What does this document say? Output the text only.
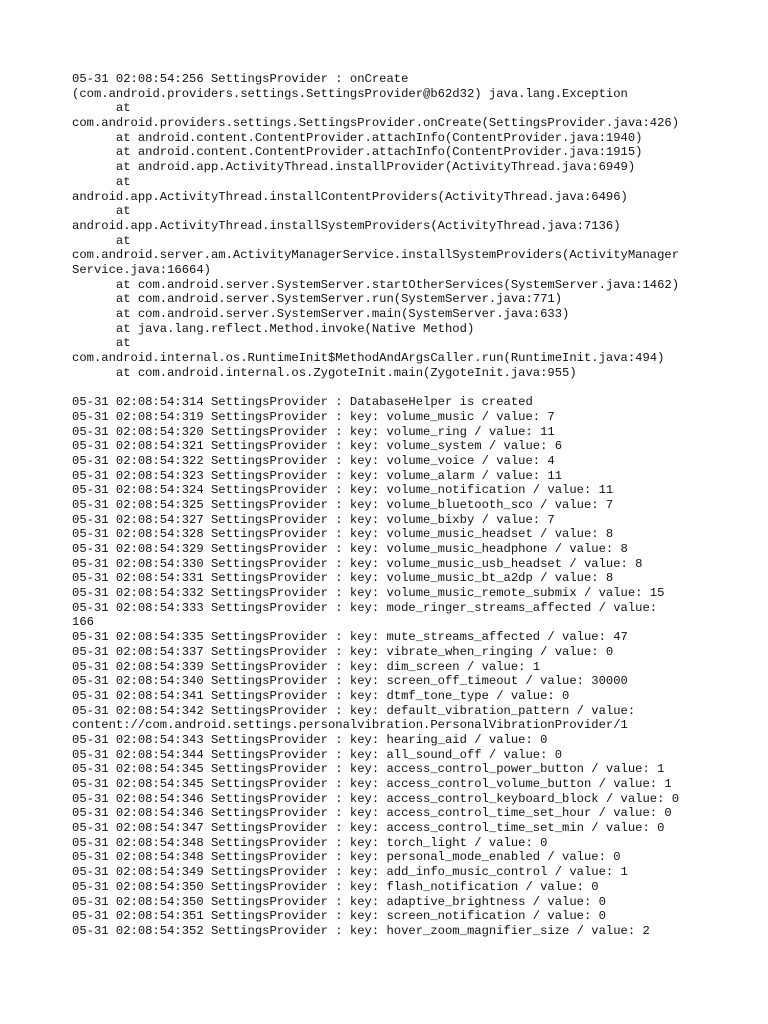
05-31 02:08:54:256 SettingsProvider : onCreate
(com.android.providers.settings.SettingsProvider@b62d32) java.lang.Exception
at
com.android.providers.settings.SettingsProvider.onCreate(SettingsProvider.java:426)
at android.content.ContentProvider.attachInfo(ContentProvider.java:1940)
at android.content.ContentProvider.attachInfo(ContentProvider.java:1915)
at android.app.ActivityThread.installProvider(ActivityThread.java:6949)
at
android.app.ActivityThread.installContentProviders(ActivityThread.java:6496)
at
android.app.ActivityThread.installSystemProviders(ActivityThread.java:7136)
at
com.android.server.am.ActivityManagerService.installSystemProviders(ActivityManager
Service.java:16664)
at com.android.server.SystemServer.startOtherServices(SystemServer.java:1462)
at com.android.server.SystemServer.run(SystemServer.java:771)
at com.android.server.SystemServer.main(SystemServer.java:633)
at java.lang.reflect.Method.invoke(Native Method)
at
com.android.internal.os.RuntimeInit$MethodAndArgsCaller.run(RuntimeInit.java:494)
at com.android.internal.os.ZygoteInit.main(ZygoteInit.java:955)
05-31 02:08:54:314 SettingsProvider : DatabaseHelper is created
05-31 02:08:54:319 SettingsProvider : key: volume_music / value: 7
05-31 02:08:54:320 SettingsProvider : key: volume_ring / value: 11
05-31 02:08:54:321 SettingsProvider : key: volume_system / value: 6
05-31 02:08:54:322 SettingsProvider : key: volume_voice / value: 4
05-31 02:08:54:323 SettingsProvider : key: volume_alarm / value: 11
05-31 02:08:54:324 SettingsProvider : key: volume_notification / value: 11
05-31 02:08:54:325 SettingsProvider : key: volume_bluetooth_sco / value: 7
05-31 02:08:54:327 SettingsProvider : key: volume_bixby / value: 7
05-31 02:08:54:328 SettingsProvider : key: volume_music_headset / value: 8
05-31 02:08:54:329 SettingsProvider : key: volume_music_headphone / value: 8
05-31 02:08:54:330 SettingsProvider : key: volume_music_usb_headset / value: 8
05-31 02:08:54:331 SettingsProvider : key: volume_music_bt_a2dp / value: 8
05-31 02:08:54:332 SettingsProvider : key: volume_music_remote_submix / value: 15
05-31 02:08:54:333 SettingsProvider : key: mode_ringer_streams_affected / value:
166
05-31 02:08:54:335 SettingsProvider : key: mute_streams_affected / value: 47
05-31 02:08:54:337 SettingsProvider : key: vibrate_when_ringing / value: 0
05-31 02:08:54:339 SettingsProvider : key: dim_screen / value: 1
05-31 02:08:54:340 SettingsProvider : key: screen_off_timeout / value: 30000
05-31 02:08:54:341 SettingsProvider : key: dtmf_tone_type / value: 0
05-31 02:08:54:342 SettingsProvider : key: default_vibration_pattern / value:
content://com.android.settings.personalvibration.PersonalVibrationProvider/1
05-31 02:08:54:343 SettingsProvider : key: hearing_aid / value: 0
05-31 02:08:54:344 SettingsProvider : key: all_sound_off / value: 0
05-31 02:08:54:345 SettingsProvider : key: access_control_power_button / value: 1
05-31 02:08:54:345 SettingsProvider : key: access_control_volume_button / value: 1
05-31 02:08:54:346 SettingsProvider : key: access_control_keyboard_block / value: 0
05-31 02:08:54:346 SettingsProvider : key: access_control_time_set_hour / value: 0
05-31 02:08:54:347 SettingsProvider : key: access_control_time_set_min / value: 0
05-31 02:08:54:348 SettingsProvider : key: torch_light / value: 0
05-31 02:08:54:348 SettingsProvider : key: personal_mode_enabled / value: 0
05-31 02:08:54:349 SettingsProvider : key: add_info_music_control / value: 1
05-31 02:08:54:350 SettingsProvider : key: flash_notification / value: 0
05-31 02:08:54:350 SettingsProvider : key: adaptive_brightness / value: 0
05-31 02:08:54:351 SettingsProvider : key: screen_notification / value: 0
05-31 02:08:54:352 SettingsProvider : key: hover_zoom_magnifier_size / value: 2
